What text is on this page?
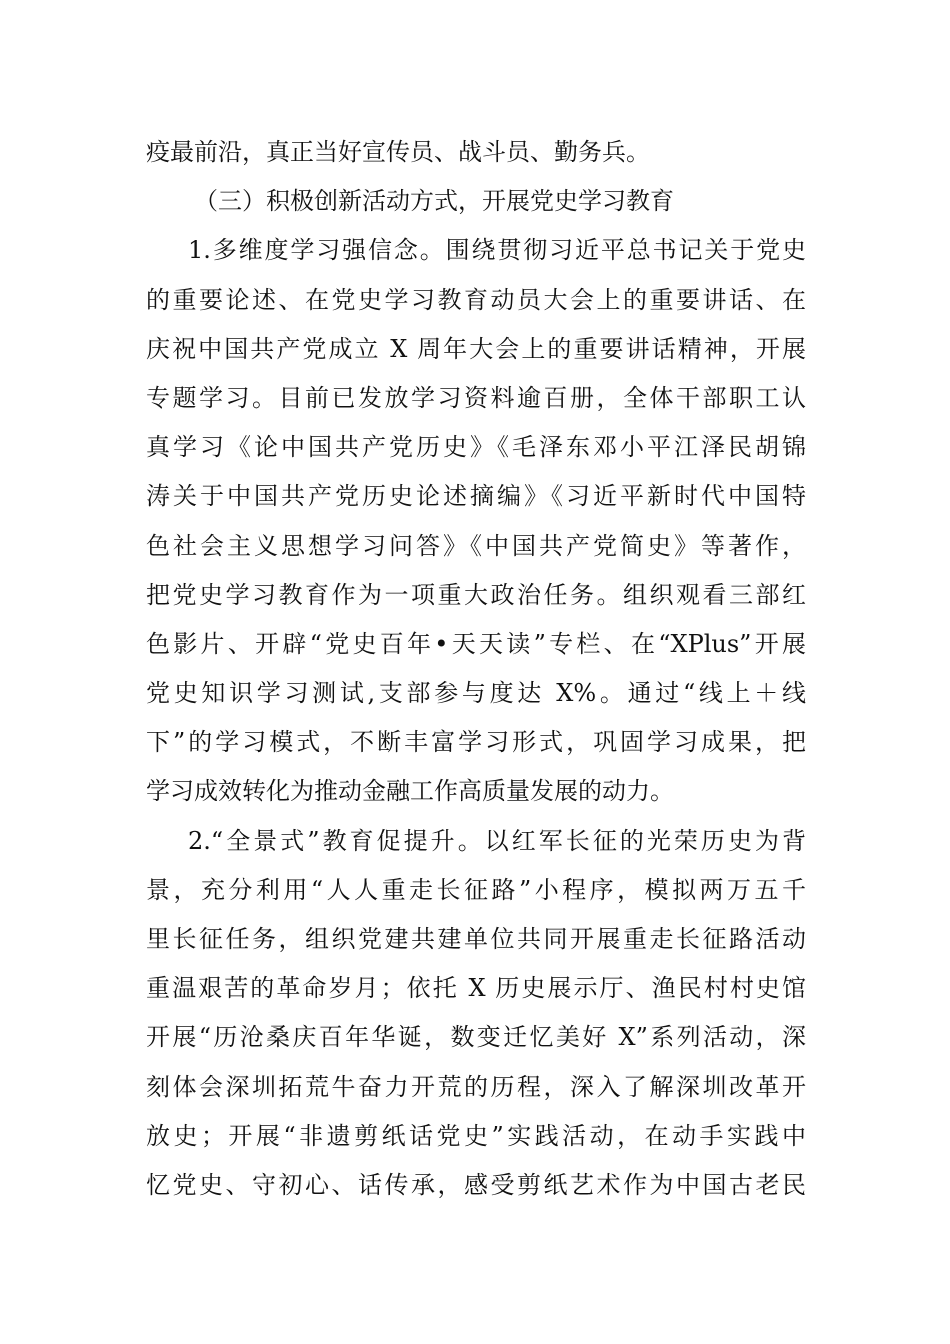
疫最前沿，真正当好宣传员、战斗员、勤务兵。
（三）积极创新活动方式，开展党史学习教育
1.多维度学习强信念。围绕贯彻习近平总书记关于党史
的重要论述、在党史学习教育动员大会上的重要讲话、在
庆祝中国共产党成立 X 周年大会上的重要讲话精神，开展
专题学习。目前已发放学习资料逾百册，全体干部职工认
真学习《论中国共产党历史》《毛泽东邓小平江泽民胡锦
涛关于中国共产党历史论述摘编》《习近平新时代中国特
色社会主义思想学习问答》《中国共产党简史》等著作，
把党史学习教育作为一项重大政治任务。组织观看三部红
色影片、开辟“党史百年•天天读”专栏、在“XPlus”开展
党史知识学习测试,支部参与度达 X%。通过“线上＋线
下”的学习模式，不断丰富学习形式，巩固学习成果，把
学习成效转化为推动金融工作高质量发展的动力。
2.“全景式”教育促提升。以红军长征的光荣历史为背
景，充分利用“人人重走长征路”小程序，模拟两万五千
里长征任务，组织党建共建单位共同开展重走长征路活动
重温艰苦的革命岁月；依托 X 历史展示厅、渔民村村史馆
开展“历沧桑庆百年华诞，数变迁忆美好 X”系列活动，深
刻体会深圳拓荒牛奋力开荒的历程，深入了解深圳改革开
放史；开展“非遗剪纸话党史”实践活动，在动手实践中
忆党史、守初心、话传承，感受剪纸艺术作为中国古老民
